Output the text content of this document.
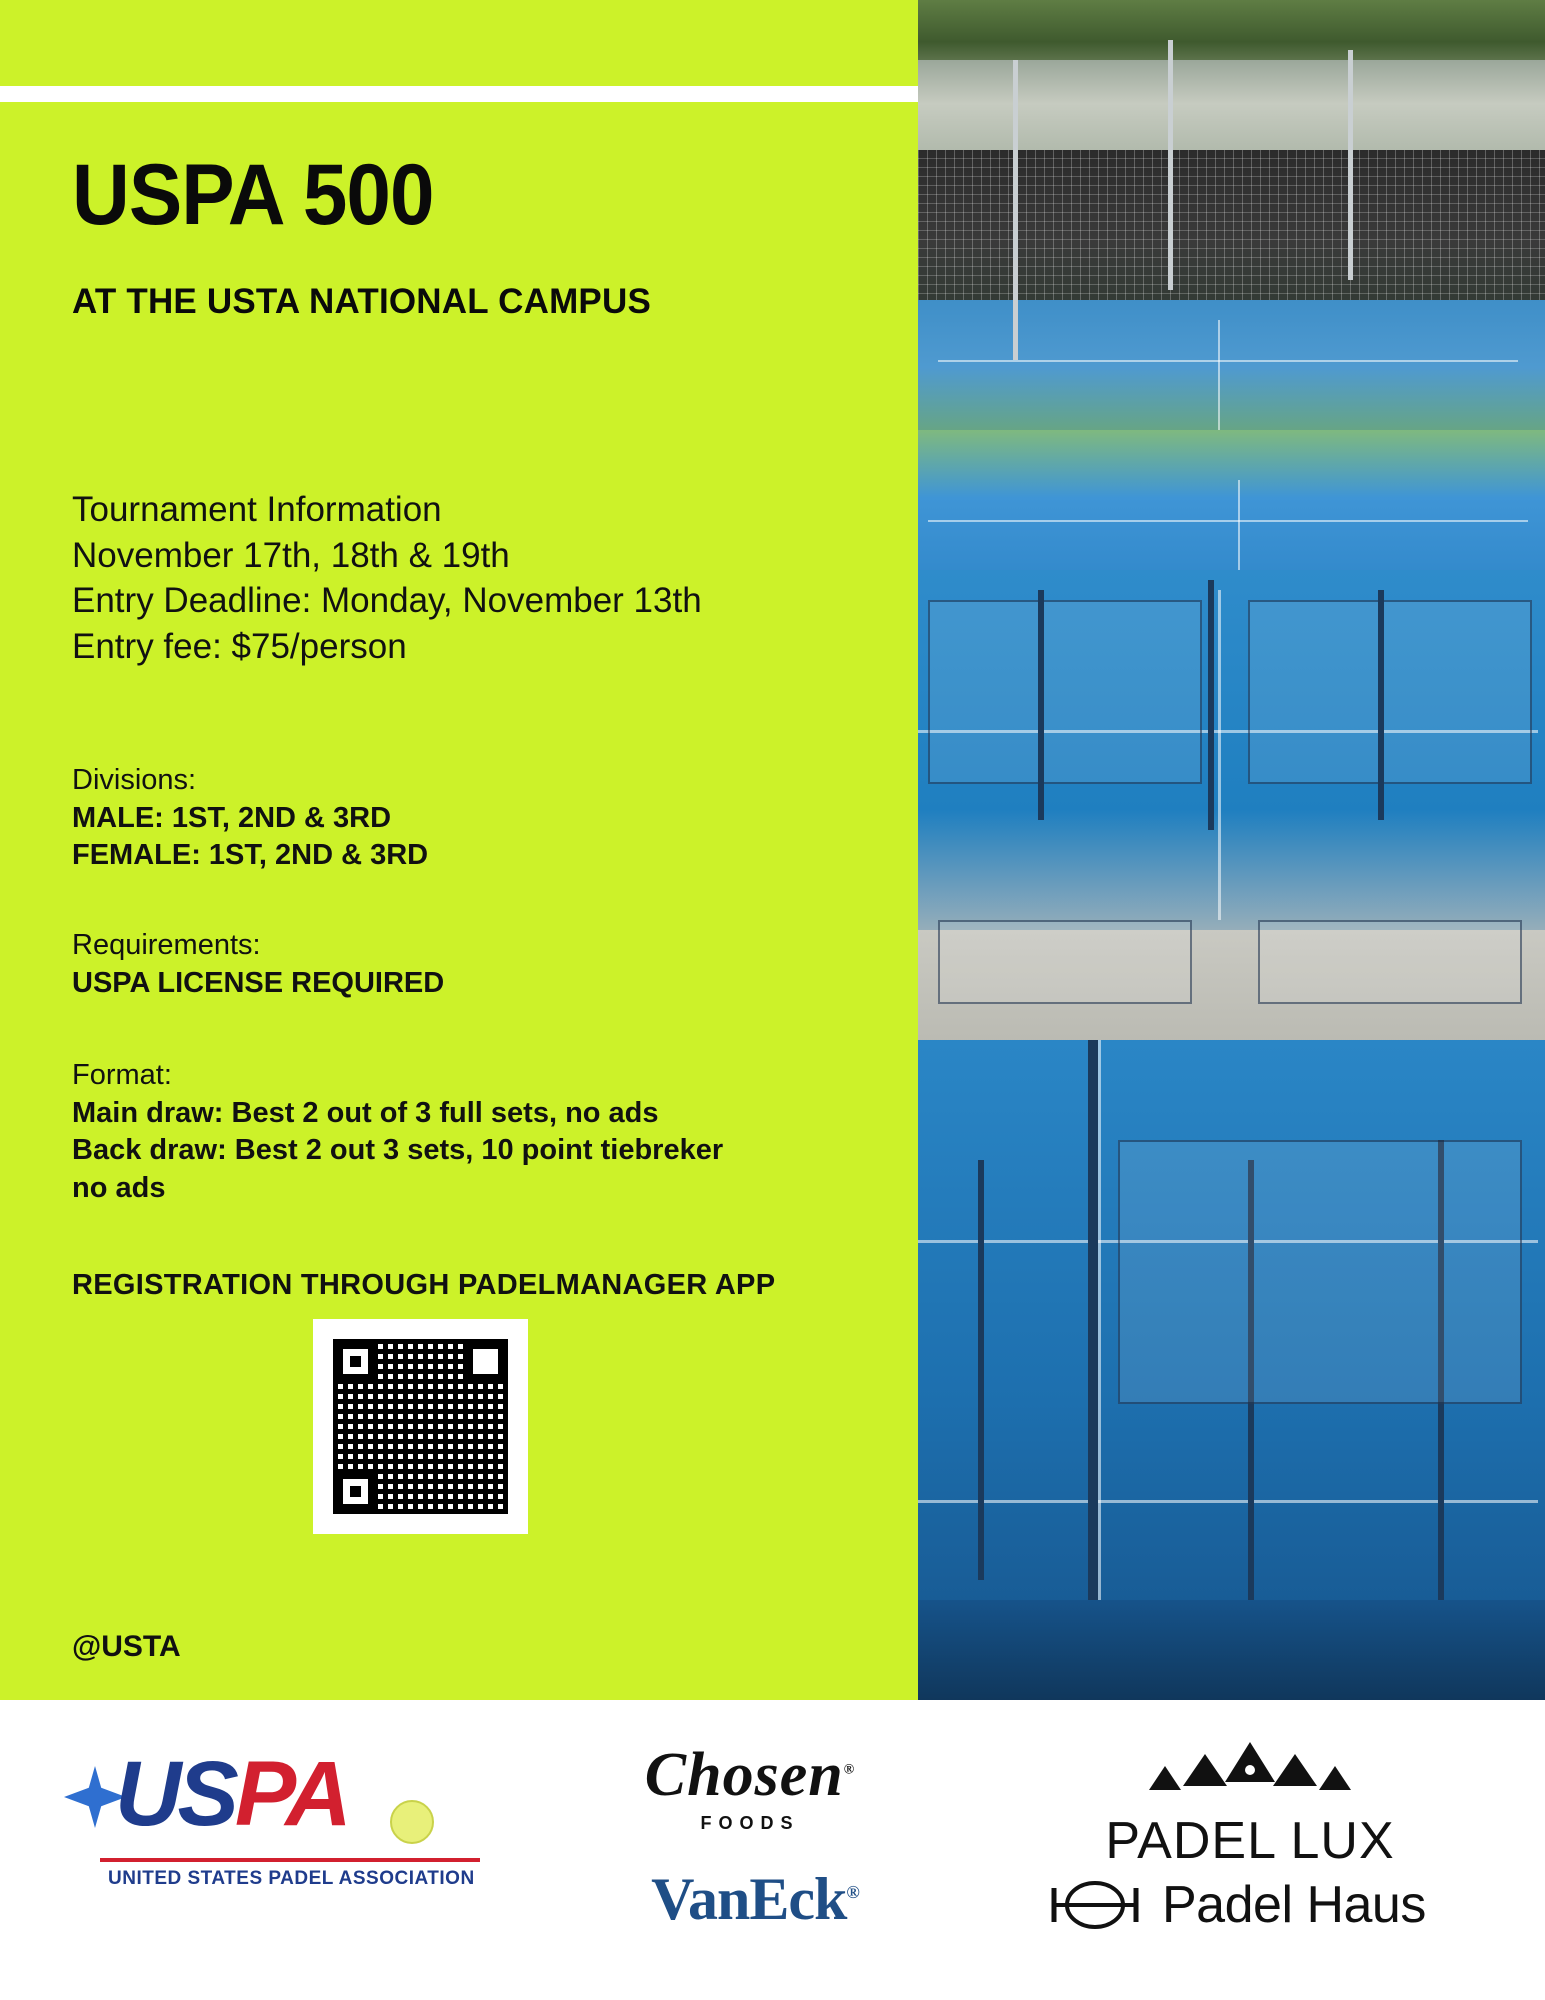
USPA 500
AT THE USTA NATIONAL CAMPUS
Tournament Information
November 17th, 18th & 19th
Entry Deadline: Monday, November 13th
Entry fee: $75/person
Divisions:
MALE: 1ST, 2ND & 3RD
FEMALE: 1ST, 2ND & 3RD
Requirements:
USPA LICENSE REQUIRED
Format:
Main draw: Best 2 out of 3 full sets, no ads
Back draw: Best 2 out 3 sets, 10 point tiebreker
no ads
REGISTRATION THROUGH PADELMANAGER APP
@USTA
USPA
UNITED STATES PADEL ASSOCIATION
Chosen®
FOODS
VanEck®
PADEL LUX
Padel Haus
